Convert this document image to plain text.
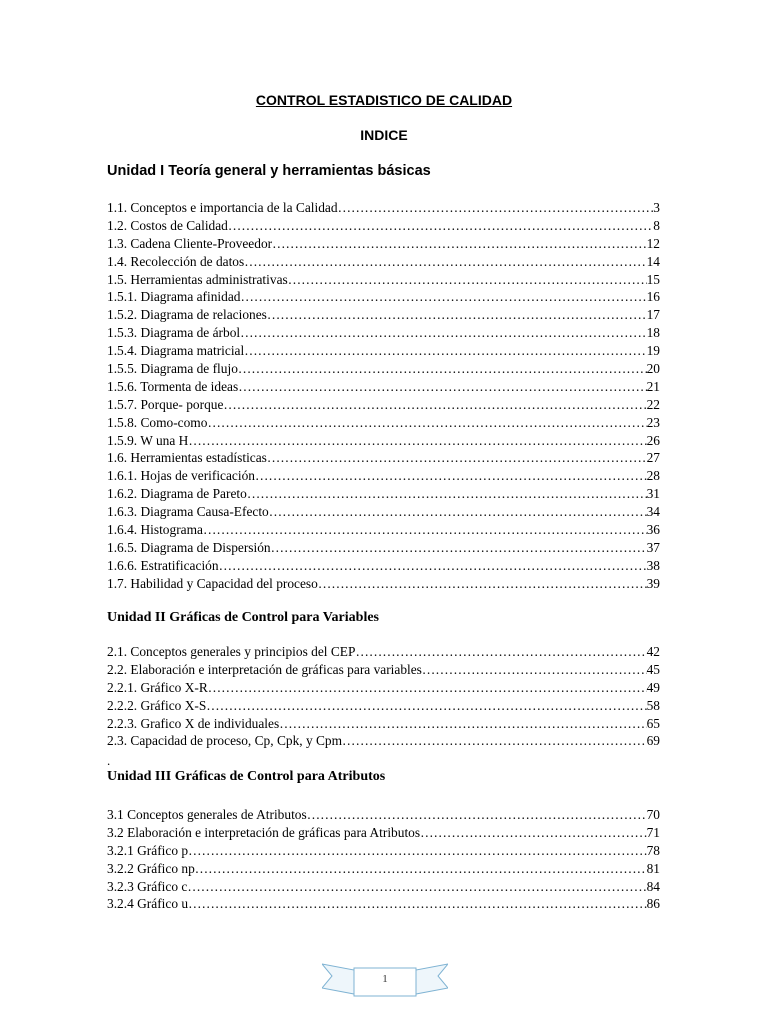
CONTROL ESTADISTICO DE CALIDAD
INDICE
Unidad I Teoría general y herramientas básicas
1.1. Conceptos e importancia de la Calidad …………………………………………………………………………………………………………………………………………	3
1.2. Costos de Calidad …………………………………………………………………………………………………………………………………………	8
1.3. Cadena Cliente-Proveedor …………………………………………………………………………………………………………………………………………	12
1.4. Recolección de datos …………………………………………………………………………………………………………………………………………	14
1.5. Herramientas administrativas …………………………………………………………………………………………………………………………………………	15
1.5.1. Diagrama afinidad …………………………………………………………………………………………………………………………………………	16
1.5.2. Diagrama de relaciones …………………………………………………………………………………………………………………………………………	17
1.5.3. Diagrama de árbol …………………………………………………………………………………………………………………………………………	18
1.5.4. Diagrama matricial …………………………………………………………………………………………………………………………………………	19
1.5.5. Diagrama de flujo …………………………………………………………………………………………………………………………………………	20
1.5.6. Tormenta de ideas …………………………………………………………………………………………………………………………………………	21
1.5.7. Porque- porque …………………………………………………………………………………………………………………………………………	22
1.5.8. Como-como …………………………………………………………………………………………………………………………………………	23
1.5.9. W una H …………………………………………………………………………………………………………………………………………	26
1.6. Herramientas estadísticas …………………………………………………………………………………………………………………………………………	27
1.6.1. Hojas de verificación …………………………………………………………………………………………………………………………………………	28
1.6.2. Diagrama de Pareto …………………………………………………………………………………………………………………………………………	31
1.6.3. Diagrama Causa-Efecto …………………………………………………………………………………………………………………………………………	34
1.6.4. Histograma …………………………………………………………………………………………………………………………………………	36
1.6.5. Diagrama de Dispersión …………………………………………………………………………………………………………………………………………	37
1.6.6. Estratificación …………………………………………………………………………………………………………………………………………	38
1.7. Habilidad y Capacidad del proceso …………………………………………………………………………………………………………………………………………	39
Unidad II Gráficas de Control para Variables
2.1. Conceptos generales y principios del CEP …………………………………………………………………………………………………………………………………………	42
2.2. Elaboración e interpretación de gráficas para variables …………………………………………………………………………………………………………………………………………	45
2.2.1. Gráfico X-R …………………………………………………………………………………………………………………………………………	49
2.2.2. Gráfico X-S …………………………………………………………………………………………………………………………………………	58
2.2.3. Grafico X de individuales …………………………………………………………………………………………………………………………………………	65
2.3. Capacidad de proceso, Cp, Cpk, y Cpm …………………………………………………………………………………………………………………………………………	69
.
Unidad III Gráficas de Control para Atributos
3.1 Conceptos generales de Atributos …………………………………………………………………………………………………………………………………………	70
3.2 Elaboración e interpretación de gráficas para Atributos …………………………………………………………………………………………………………………………………………	71
3.2.1 Gráfico p …………………………………………………………………………………………………………………………………………	78
3.2.2 Gráfico np …………………………………………………………………………………………………………………………………………	81
3.2.3 Gráfico c …………………………………………………………………………………………………………………………………………	84
3.2.4 Gráfico u …………………………………………………………………………………………………………………………………………	86
1
